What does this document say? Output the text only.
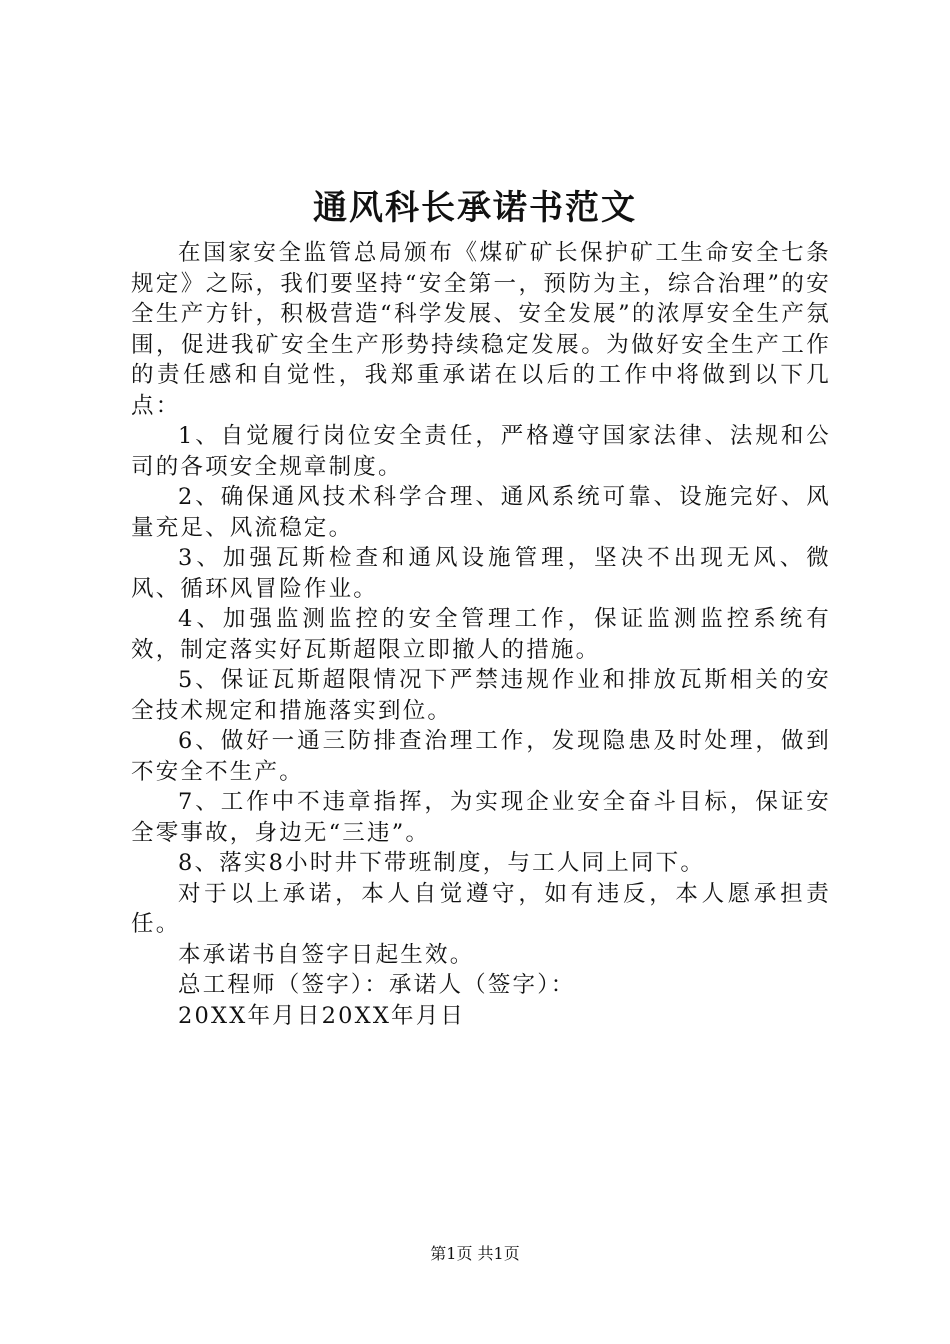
通风科长承诺书范文

在国家安全监管总局颁布《煤矿矿长保护矿工生命安全七条规定》之际，我们要坚持“安全第一，预防为主，综合治理”的安全生产方针，积极营造“科学发展、安全发展”的浓厚安全生产氛围，促进我矿安全生产形势持续稳定发展。为做好安全生产工作的责任感和自觉性，我郑重承诺在以后的工作中将做到以下几点：

1、自觉履行岗位安全责任，严格遵守国家法律、法规和公司的各项安全规章制度。

2、确保通风技术科学合理、通风系统可靠、设施完好、风量充足、风流稳定。

3、加强瓦斯检查和通风设施管理，坚决不出现无风、微风、循环风冒险作业。

4、加强监测监控的安全管理工作，保证监测监控系统有效，制定落实好瓦斯超限立即撤人的措施。

5、保证瓦斯超限情况下严禁违规作业和排放瓦斯相关的安全技术规定和措施落实到位。

6、做好一通三防排查治理工作，发现隐患及时处理，做到不安全不生产。

7、工作中不违章指挥，为实现企业安全奋斗目标，保证安全零事故，身边无“三违”。

8、落实8小时井下带班制度，与工人同上同下。

对于以上承诺，本人自觉遵守，如有违反，本人愿承担责任。

本承诺书自签字日起生效。

总工程师（签字）：承诺人（签字）：

20XX年月日20XX年月日

第1页 共1页
